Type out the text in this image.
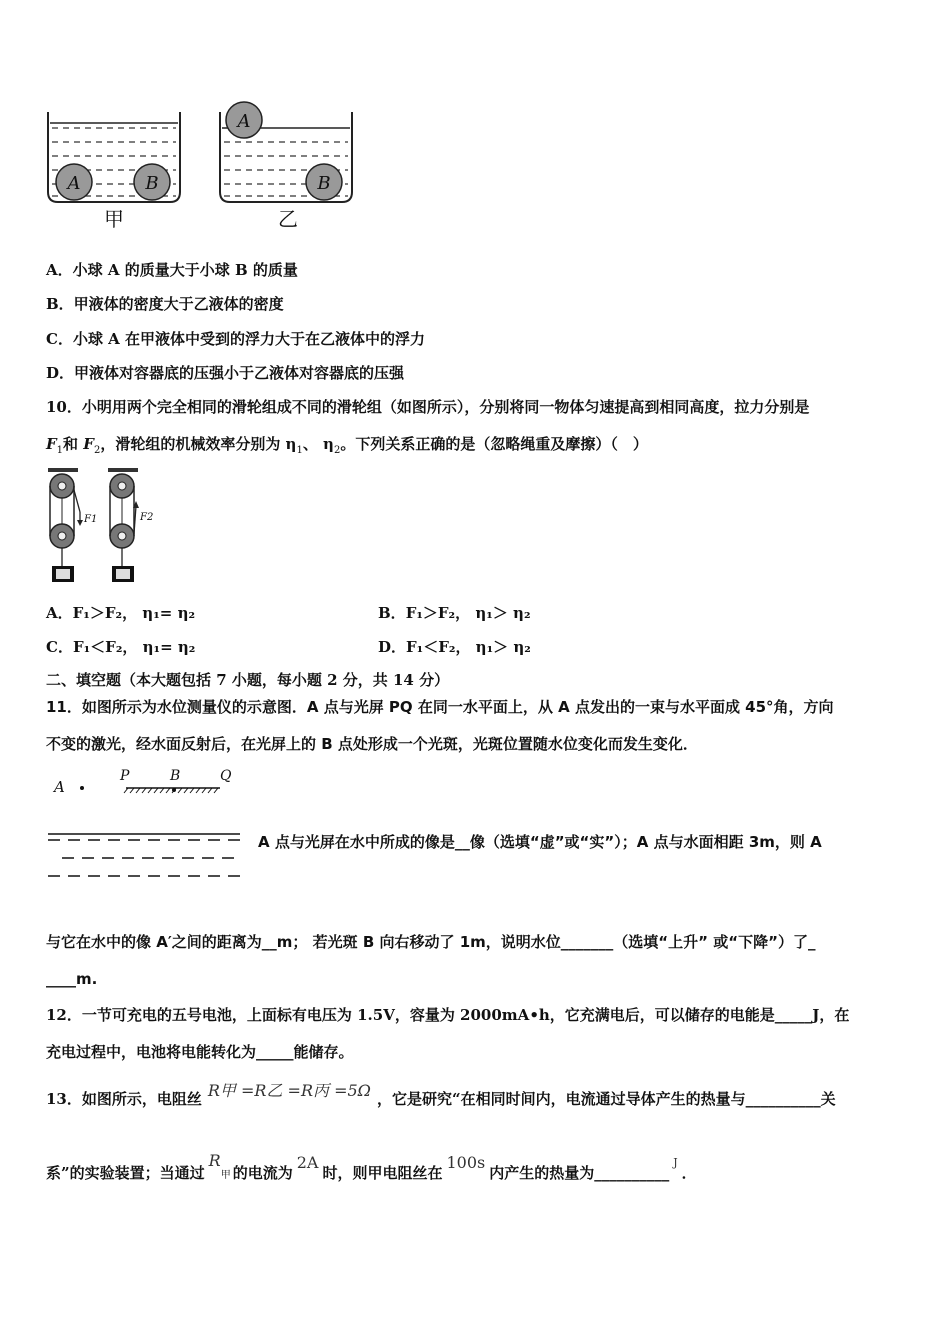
A	B
甲
A
B
乙
A．小球 A 的质量大于小球 B 的质量
B．甲液体的密度大于乙液体的密度
C．小球 A 在甲液体中受到的浮力大于在乙液体中的浮力
D．甲液体对容器底的压强小于乙液体对容器底的压强
10．小明用两个完全相同的滑轮组成不同的滑轮组（如图所示），分别将同一物体匀速提高到相同高度，拉力分别是
$F_1$和 $F_2$，滑轮组的机械效率分别为 $\eta_1$、 $\eta_2$。下列关系正确的是（忽略绳重及摩擦）（　）
F1	F2
A．F₁＞F₂， η₁= η₂	B．F₁＞F₂， η₁＞ η₂
C．F₁＜F₂， η₁= η₂	D．F₁＜F₂， η₁＞ η₂
二、填空题（本大题包括 7 小题，每小题 2 分，共 14 分）
11．如图所示为水位测量仪的示意图．A 点与光屏 PQ 在同一水平面上，从 A 点发出的一束与水平面成 45°角，方向
不变的激光，经水面反射后，在光屏上的 B 点处形成一个光斑，光斑位置随水位变化而发生变化．
A
P	B	Q
A 点与光屏在水中所成的像是__像（选填“虚”或“实”）；A 点与水面相距 3m，则 A
与它在水中的像 A′之间的距离为__m； 若光斑 B 向右移动了 1m，说明水位_______（选填“上升” 或“下降”）了_
____m.
12．一节可充电的五号电池，上面标有电压为 1.5V，容量为 2000mA•h，它充满电后，可以储存的电能是_____J，在
充电过程中，电池将电能转化为_____能储存。
13．如图所示，电阻丝 R甲 =R乙 =R丙 =5Ω ，它是研究“在相同时间内，电流通过导体产生的热量与__________关
系”的实验装置；当通过R甲 的电流为2A时，则甲电阻丝在100s内产生的热量为__________$^J$．
